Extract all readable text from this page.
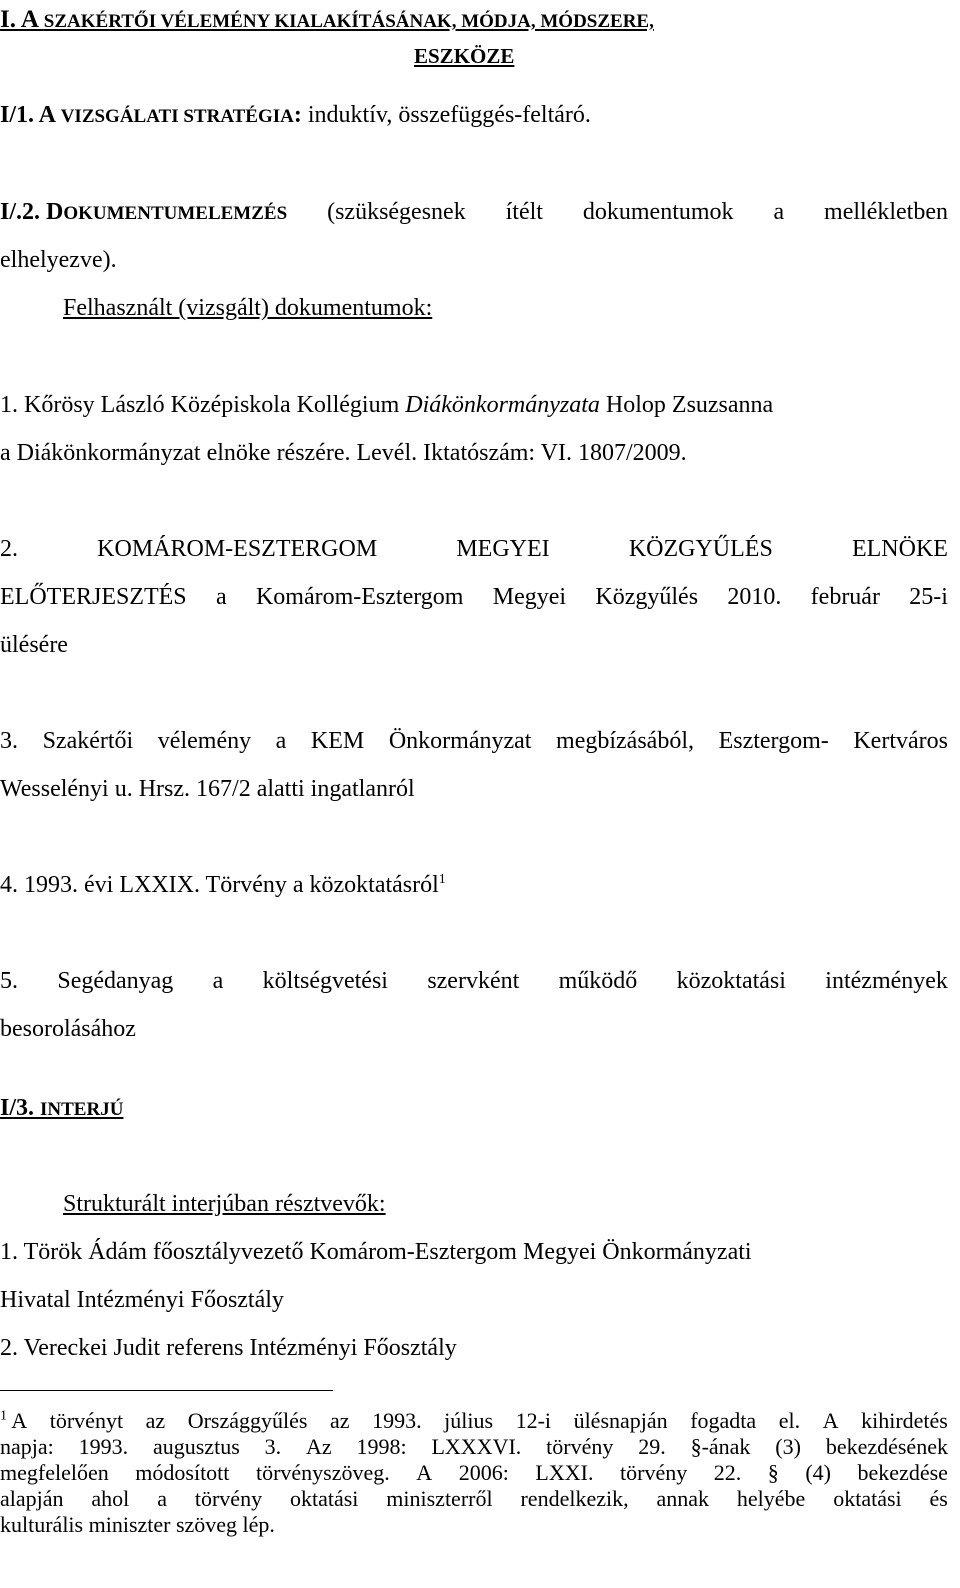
I. A SZAKÉRTŐI VÉLEMÉNY KIALAKÍTÁSÁNAK, MÓDJA, MÓDSZERE,
ESZKÖZE
I/1. A VIZSGÁLATI STRATÉGIA: induktív, összefüggés-feltáró.
I/.2. DOKUMENTUMELEMZÉS (szükségesnek ítélt dokumentumok a mellékletben
elhelyezve).
Felhasznált (vizsgált) dokumentumok:
1. Kőrösy László Középiskola Kollégium Diákönkormányzata Holop Zsuzsanna
a Diákönkormányzat elnöke részére. Levél. Iktatószám: VI. 1807/2009.
2.	KOMÁROM-ESZTERGOM	MEGYEI	KÖZGYŰLÉS	ELNÖKE
ELŐTERJESZTÉS a Komárom-Esztergom Megyei Közgyűlés 2010. február 25-i
ülésére
3. Szakértői vélemény a KEM Önkormányzat megbízásából, Esztergom- Kertváros
Wesselényi u. Hrsz. 167/2 alatti ingatlanról
4. 1993. évi LXXIX. Törvény a közoktatásról$^1$
5. Segédanyag a költségvetési szervként működő közoktatási intézmények
besorolásához
I/3. INTERJÚ
Strukturált interjúban résztvevők:
1. Török Ádám főosztályvezető Komárom-Esztergom Megyei Önkormányzati
Hivatal Intézményi Főosztály
2. Vereckei Judit referens Intézményi Főosztály
$^1$ A törvényt az Országgyűlés az 1993. július 12-i ülésnapján fogadta el. A kihirdetés
napja: 1993. augusztus 3. Az 1998: LXXXVI. törvény 29. §-ának (3) bekezdésének
megfelelően módosított törvényszöveg. A 2006: LXXI. törvény 22. § (4) bekezdése
alapján ahol a törvény oktatási miniszterről rendelkezik, annak helyébe oktatási és
kulturális miniszter szöveg lép.
